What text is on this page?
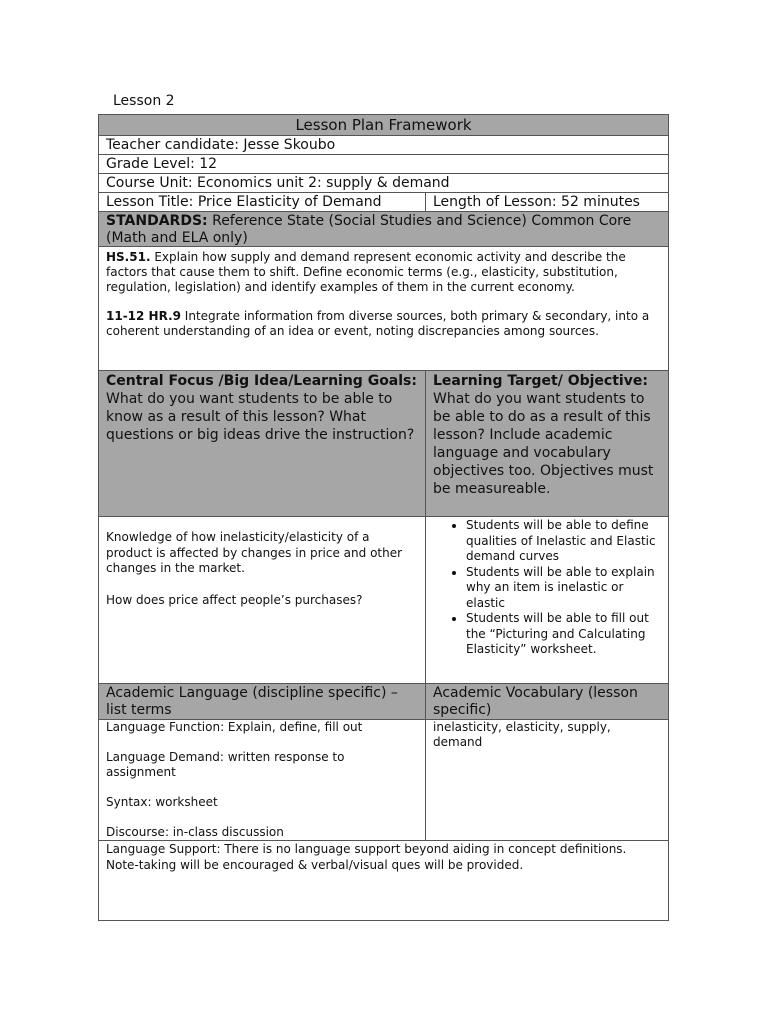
Lesson 2
Lesson Plan Framework
Teacher candidate: Jesse Skoubo
Grade Level: 12
Course Unit: Economics unit 2: supply & demand
Lesson Title: Price Elasticity of Demand	Length of Lesson: 52 minutes
STANDARDS: Reference State (Social Studies and Science) Common Core (Math and ELA only)

HS.51. Explain how supply and demand represent economic activity and describe the factors that cause them to shift. Define economic terms (e.g., elasticity, substitution, regulation, legislation) and identify examples of them in the current economy.

11-12 HR.9 Integrate information from diverse sources, both primary & secondary, into a coherent understanding of an idea or event, noting discrepancies among sources.

Central Focus /Big Idea/Learning Goals: What do you want students to be able to know as a result of this lesson? What questions or big ideas drive the instruction?
Learning Target/ Objective: What do you want students to be able to do as a result of this lesson? Include academic language and vocabulary objectives too. Objectives must be measureable.

Knowledge of how inelasticity/elasticity of a product is affected by changes in price and other changes in the market.

How does price affect people’s purchases?

• Students will be able to define qualities of Inelastic and Elastic demand curves
• Students will be able to explain why an item is inelastic or elastic
• Students will be able to fill out the “Picturing and Calculating Elasticity” worksheet.
Academic Language (discipline specific) – list terms
Academic Vocabulary (lesson specific)

Language Function: Explain, define, fill out

Language Demand: written response to assignment

Syntax: worksheet

Discourse: in-class discussion

inelasticity, elasticity, supply, demand
Language Support: There is no language support beyond aiding in concept definitions. Note-taking will be encouraged & verbal/visual ques will be provided.
